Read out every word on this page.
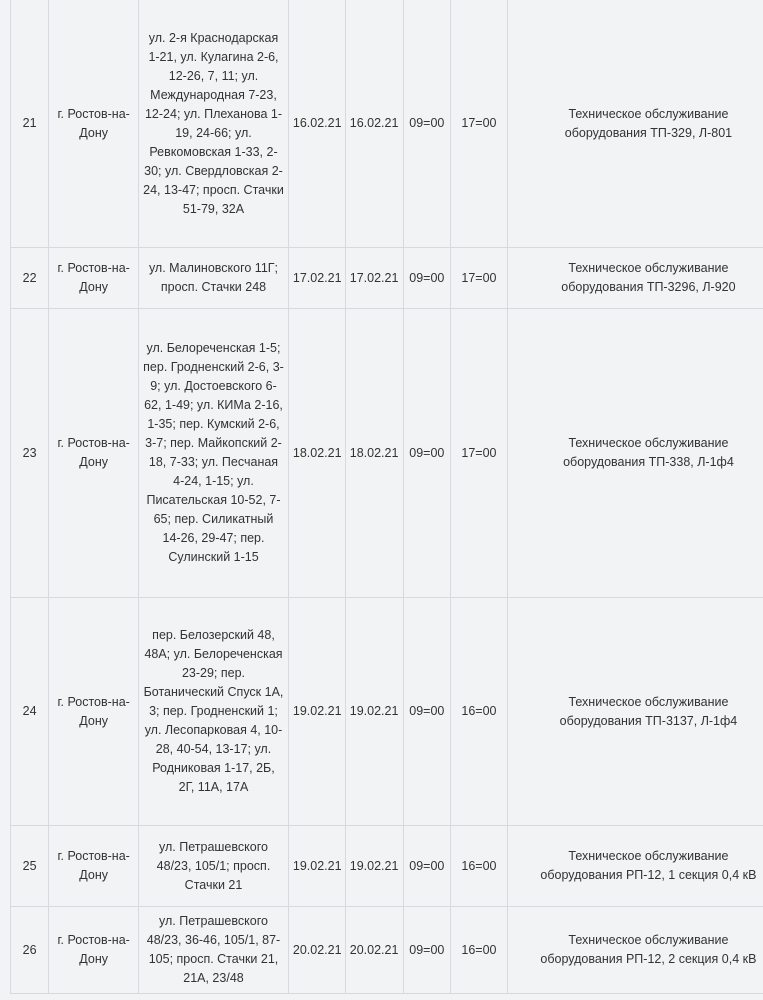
21	г. Ростов-на-Дону	ул. 2-я Краснодарская 1-21, ул. Кулагина 2-6, 12-26, 7, 11; ул. Международная 7-23, 12-24; ул. Плеханова 1-19, 24-66; ул. Ревкомовская 1-33, 2-30; ул. Свердловская 2-24, 13-47; просп. Стачки 51-79, 32А	16.02.21	16.02.21	09=00	17=00	Техническое обслуживание
оборудования ТП-329, Л-801
22	г. Ростов-на-Дону	ул. Малиновского 11Г; просп. Стачки 248	17.02.21	17.02.21	09=00	17=00	Техническое обслуживание
оборудования ТП-3296, Л-920
23	г. Ростов-на-Дону	ул. Белореченская 1-5; пер. Гродненский 2-6, 3-9; ул. Достоевского 6-62, 1-49; ул. КИМа 2-16, 1-35; пер. Кумский 2-6, 3-7; пер. Майкопский 2-18, 7-33; ул. Песчаная 4-24, 1-15; ул. Писательская 10-52, 7-65; пер. Силикатный 14-26, 29-47; пер. Сулинский 1-15	18.02.21	18.02.21	09=00	17=00	Техническое обслуживание
оборудования ТП-338, Л-1ф4
24	г. Ростов-на-Дону	пер. Белозерский 48, 48А; ул. Белореченская 23-29; пер. Ботанический Спуск 1А, 3; пер. Гродненский 1; ул. Лесопарковая 4, 10-28, 40-54, 13-17; ул. Родниковая 1-17, 2Б, 2Г, 11А, 17А	19.02.21	19.02.21	09=00	16=00	Техническое обслуживание
оборудования ТП-3137, Л-1ф4
25	г. Ростов-на-Дону	ул. Петрашевского 48/23, 105/1; просп. Стачки 21	19.02.21	19.02.21	09=00	16=00	Техническое обслуживание
оборудования РП-12, 1 секция 0,4 кВ
26	г. Ростов-на-Дону	ул. Петрашевского 48/23, 36-46, 105/1, 87-105; просп. Стачки 21, 21А, 23/48	20.02.21	20.02.21	09=00	16=00	Техническое обслуживание
оборудования РП-12, 2 секция 0,4 кВ
